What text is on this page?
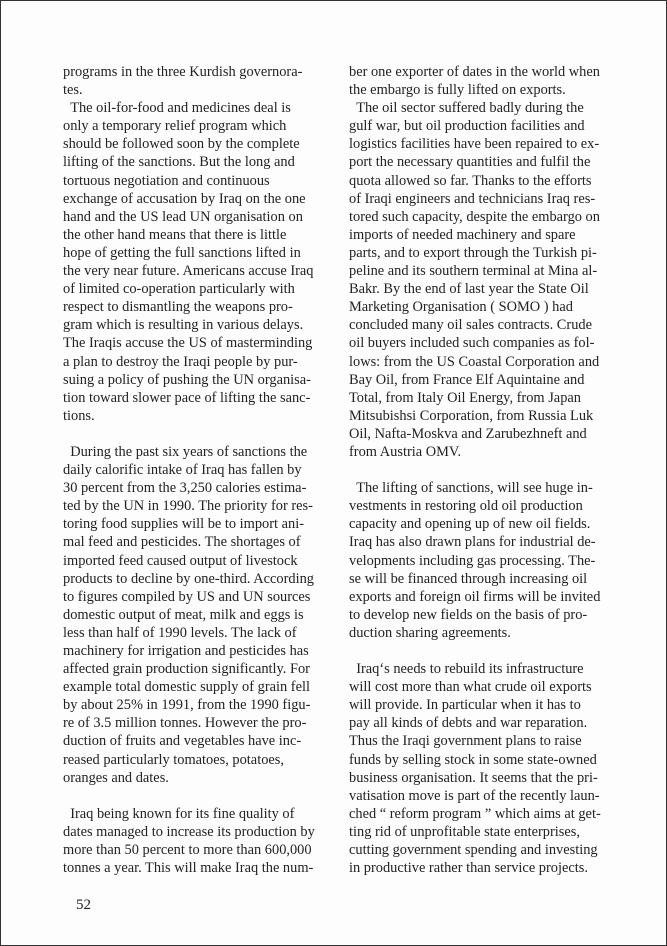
programs in the three Kurdish governora-
tes.
The oil-for-food and medicines deal is
only a temporary relief program which
should be followed soon by the complete
lifting of the sanctions. But the long and
tortuous negotiation and continuous
exchange of accusation by Iraq on the one
hand and the US lead UN organisation on
the other hand means that there is little
hope of getting the full sanctions lifted in
the very near future. Americans accuse Iraq
of limited co-operation particularly with
respect to dismantling the weapons pro-
gram which is resulting in various delays.
The Iraqis accuse the US of masterminding
a plan to destroy the Iraqi people by pur-
suing a policy of pushing the UN organisa-
tion toward slower pace of lifting the sanc-
tions.
During the past six years of sanctions the
daily calorific intake of Iraq has fallen by
30 percent from the 3,250 calories estima-
ted by the UN in 1990. The priority for res-
toring food supplies will be to import ani-
mal feed and pesticides. The shortages of
imported feed caused output of livestock
products to decline by one-third. According
to figures compiled by US and UN sources
domestic output of meat, milk and eggs is
less than half of 1990 levels. The lack of
machinery for irrigation and pesticides has
affected grain production significantly. For
example total domestic supply of grain fell
by about 25% in 1991, from the 1990 figu-
re of 3.5 million tonnes. However the pro-
duction of fruits and vegetables have inc-
reased particularly tomatoes, potatoes,
oranges and dates.
Iraq being known for its fine quality of
dates managed to increase its production by
more than 50 percent to more than 600,000
tonnes a year. This will make Iraq the num-
ber one exporter of dates in the world when
the embargo is fully lifted on exports.
The oil sector suffered badly during the
gulf war, but oil production facilities and
logistics facilities have been repaired to ex-
port the necessary quantities and fulfil the
quota allowed so far. Thanks to the efforts
of Iraqi engineers and technicians Iraq res-
tored such capacity, despite the embargo on
imports of needed machinery and spare
parts, and to export through the Turkish pi-
peline and its southern terminal at Mina al-
Bakr. By the end of last year the State Oil
Marketing Organisation ( SOMO ) had
concluded many oil sales contracts. Crude
oil buyers included such companies as fol-
lows: from the US Coastal Corporation and
Bay Oil, from France Elf Aquintaine and
Total, from Italy Oil Energy, from Japan
Mitsubishsi Corporation, from Russia Luk
Oil, Nafta-Moskva and Zarubezhneft and
from Austria OMV.
The lifting of sanctions, will see huge in-
vestments in restoring old oil production
capacity and opening up of new oil fields.
Iraq has also drawn plans for industrial de-
velopments including gas processing. The-
se will be financed through increasing oil
exports and foreign oil firms will be invited
to develop new fields on the basis of pro-
duction sharing agreements.
Iraq‘s needs to rebuild its infrastructure
will cost more than what crude oil exports
will provide. In particular when it has to
pay all kinds of debts and war reparation.
Thus the Iraqi government plans to raise
funds by selling stock in some state-owned
business organisation. It seems that the pri-
vatisation move is part of the recently laun-
ched “ reform program ” which aims at get-
ting rid of unprofitable state enterprises,
cutting government spending and investing
in productive rather than service projects.
52
